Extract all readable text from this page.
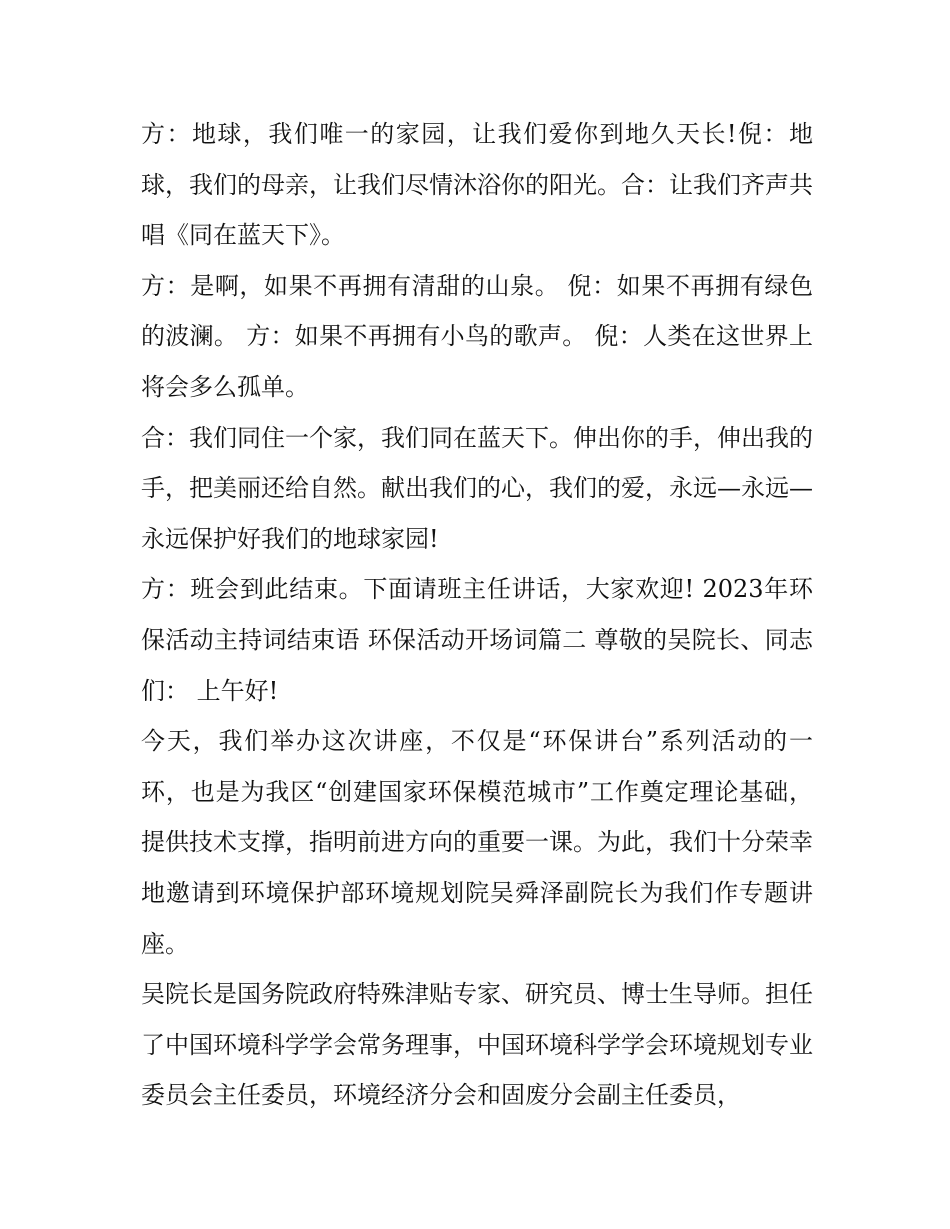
方：地球，我们唯一的家园，让我们爱你到地久天长!倪：地球，我们的母亲，让我们尽情沐浴你的阳光。合：让我们齐声共唱《同在蓝天下》。

方：是啊，如果不再拥有清甜的山泉。 倪：如果不再拥有绿色的波澜。 方：如果不再拥有小鸟的歌声。 倪：人类在这世界上将会多么孤单。

合：我们同住一个家，我们同在蓝天下。伸出你的手，伸出我的手，把美丽还给自然。献出我们的心，我们的爱，永远—永远—永远保护好我们的地球家园!

方：班会到此结束。下面请班主任讲话，大家欢迎! 2023年环保活动主持词结束语 环保活动开场词篇二 尊敬的吴院长、同志们： 上午好!

今天，我们举办这次讲座，不仅是“环保讲台”系列活动的一环，也是为我区“创建国家环保模范城市”工作奠定理论基础，提供技术支撑，指明前进方向的重要一课。为此，我们十分荣幸地邀请到环境保护部环境规划院吴舜泽副院长为我们作专题讲座。

吴院长是国务院政府特殊津贴专家、研究员、博士生导师。担任了中国环境科学学会常务理事，中国环境科学学会环境规划专业委员会主任委员，环境经济分会和固废分会副主任委员，
